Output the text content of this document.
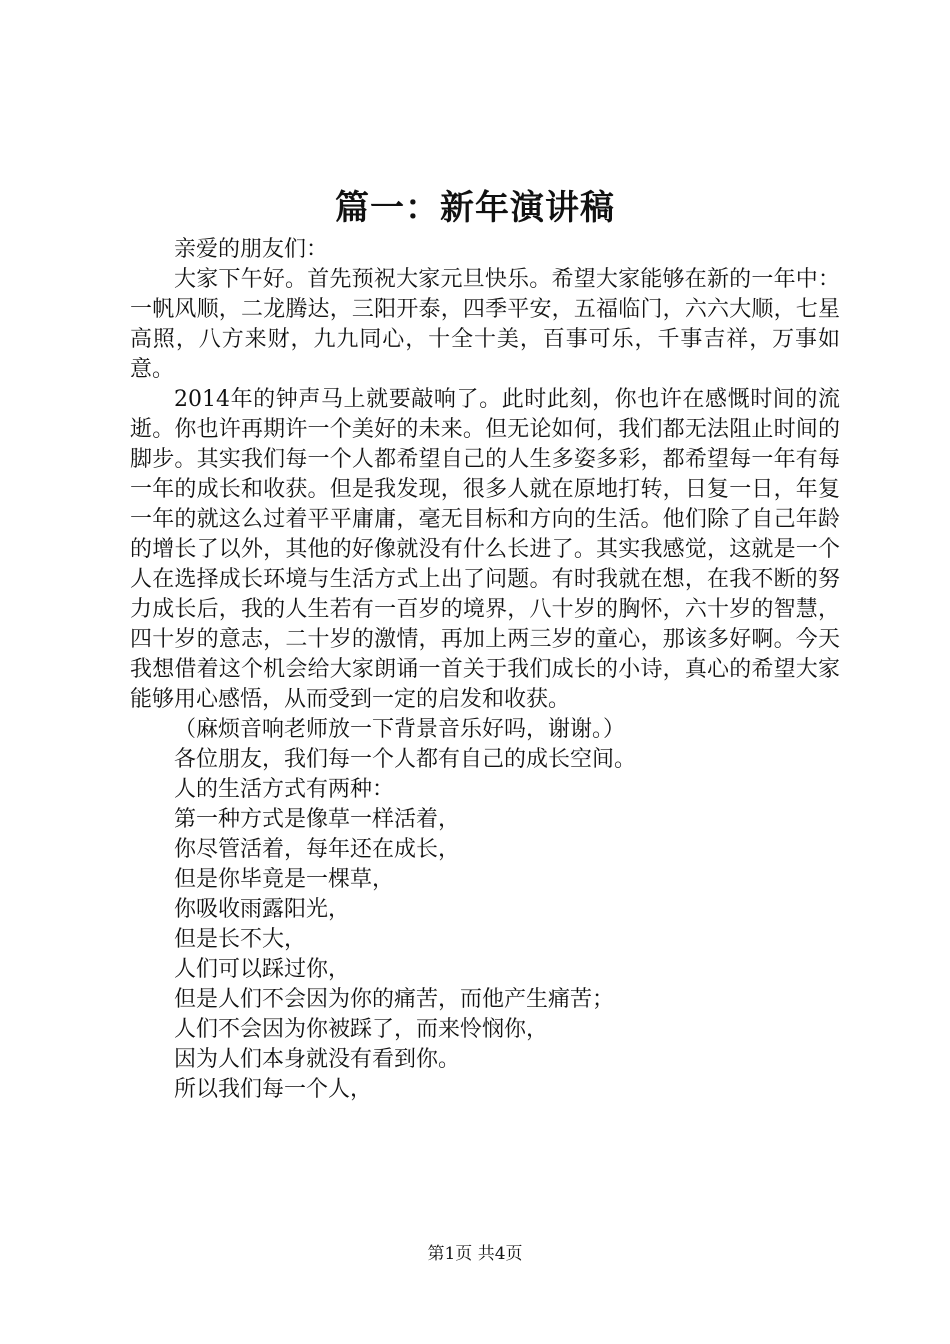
篇一：新年演讲稿

亲爱的朋友们：

大家下午好。首先预祝大家元旦快乐。希望大家能够在新的一年中：一帆风顺，二龙腾达，三阳开泰，四季平安，五福临门，六六大顺，七星高照，八方来财，九九同心，十全十美，百事可乐，千事吉祥，万事如意。

2014年的钟声马上就要敲响了。此时此刻，你也许在感慨时间的流逝。你也许再期许一个美好的未来。但无论如何，我们都无法阻止时间的脚步。其实我们每一个人都希望自己的人生多姿多彩，都希望每一年有每一年的成长和收获。但是我发现，很多人就在原地打转，日复一日，年复一年的就这么过着平平庸庸，毫无目标和方向的生活。他们除了自己年龄的增长了以外，其他的好像就没有什么长进了。其实我感觉，这就是一个人在选择成长环境与生活方式上出了问题。有时我就在想，在我不断的努力成长后，我的人生若有一百岁的境界，八十岁的胸怀，六十岁的智慧，四十岁的意志，二十岁的激情，再加上两三岁的童心，那该多好啊。今天我想借着这个机会给大家朗诵一首关于我们成长的小诗，真心的希望大家能够用心感悟，从而受到一定的启发和收获。

（麻烦音响老师放一下背景音乐好吗，谢谢。）

各位朋友，我们每一个人都有自己的成长空间。

人的生活方式有两种：

第一种方式是像草一样活着，

你尽管活着，每年还在成长，

但是你毕竟是一棵草，

你吸收雨露阳光，

但是长不大，

人们可以踩过你，

但是人们不会因为你的痛苦，而他产生痛苦；

人们不会因为你被踩了，而来怜悯你，

因为人们本身就没有看到你。

所以我们每一个人，

第1页 共4页
